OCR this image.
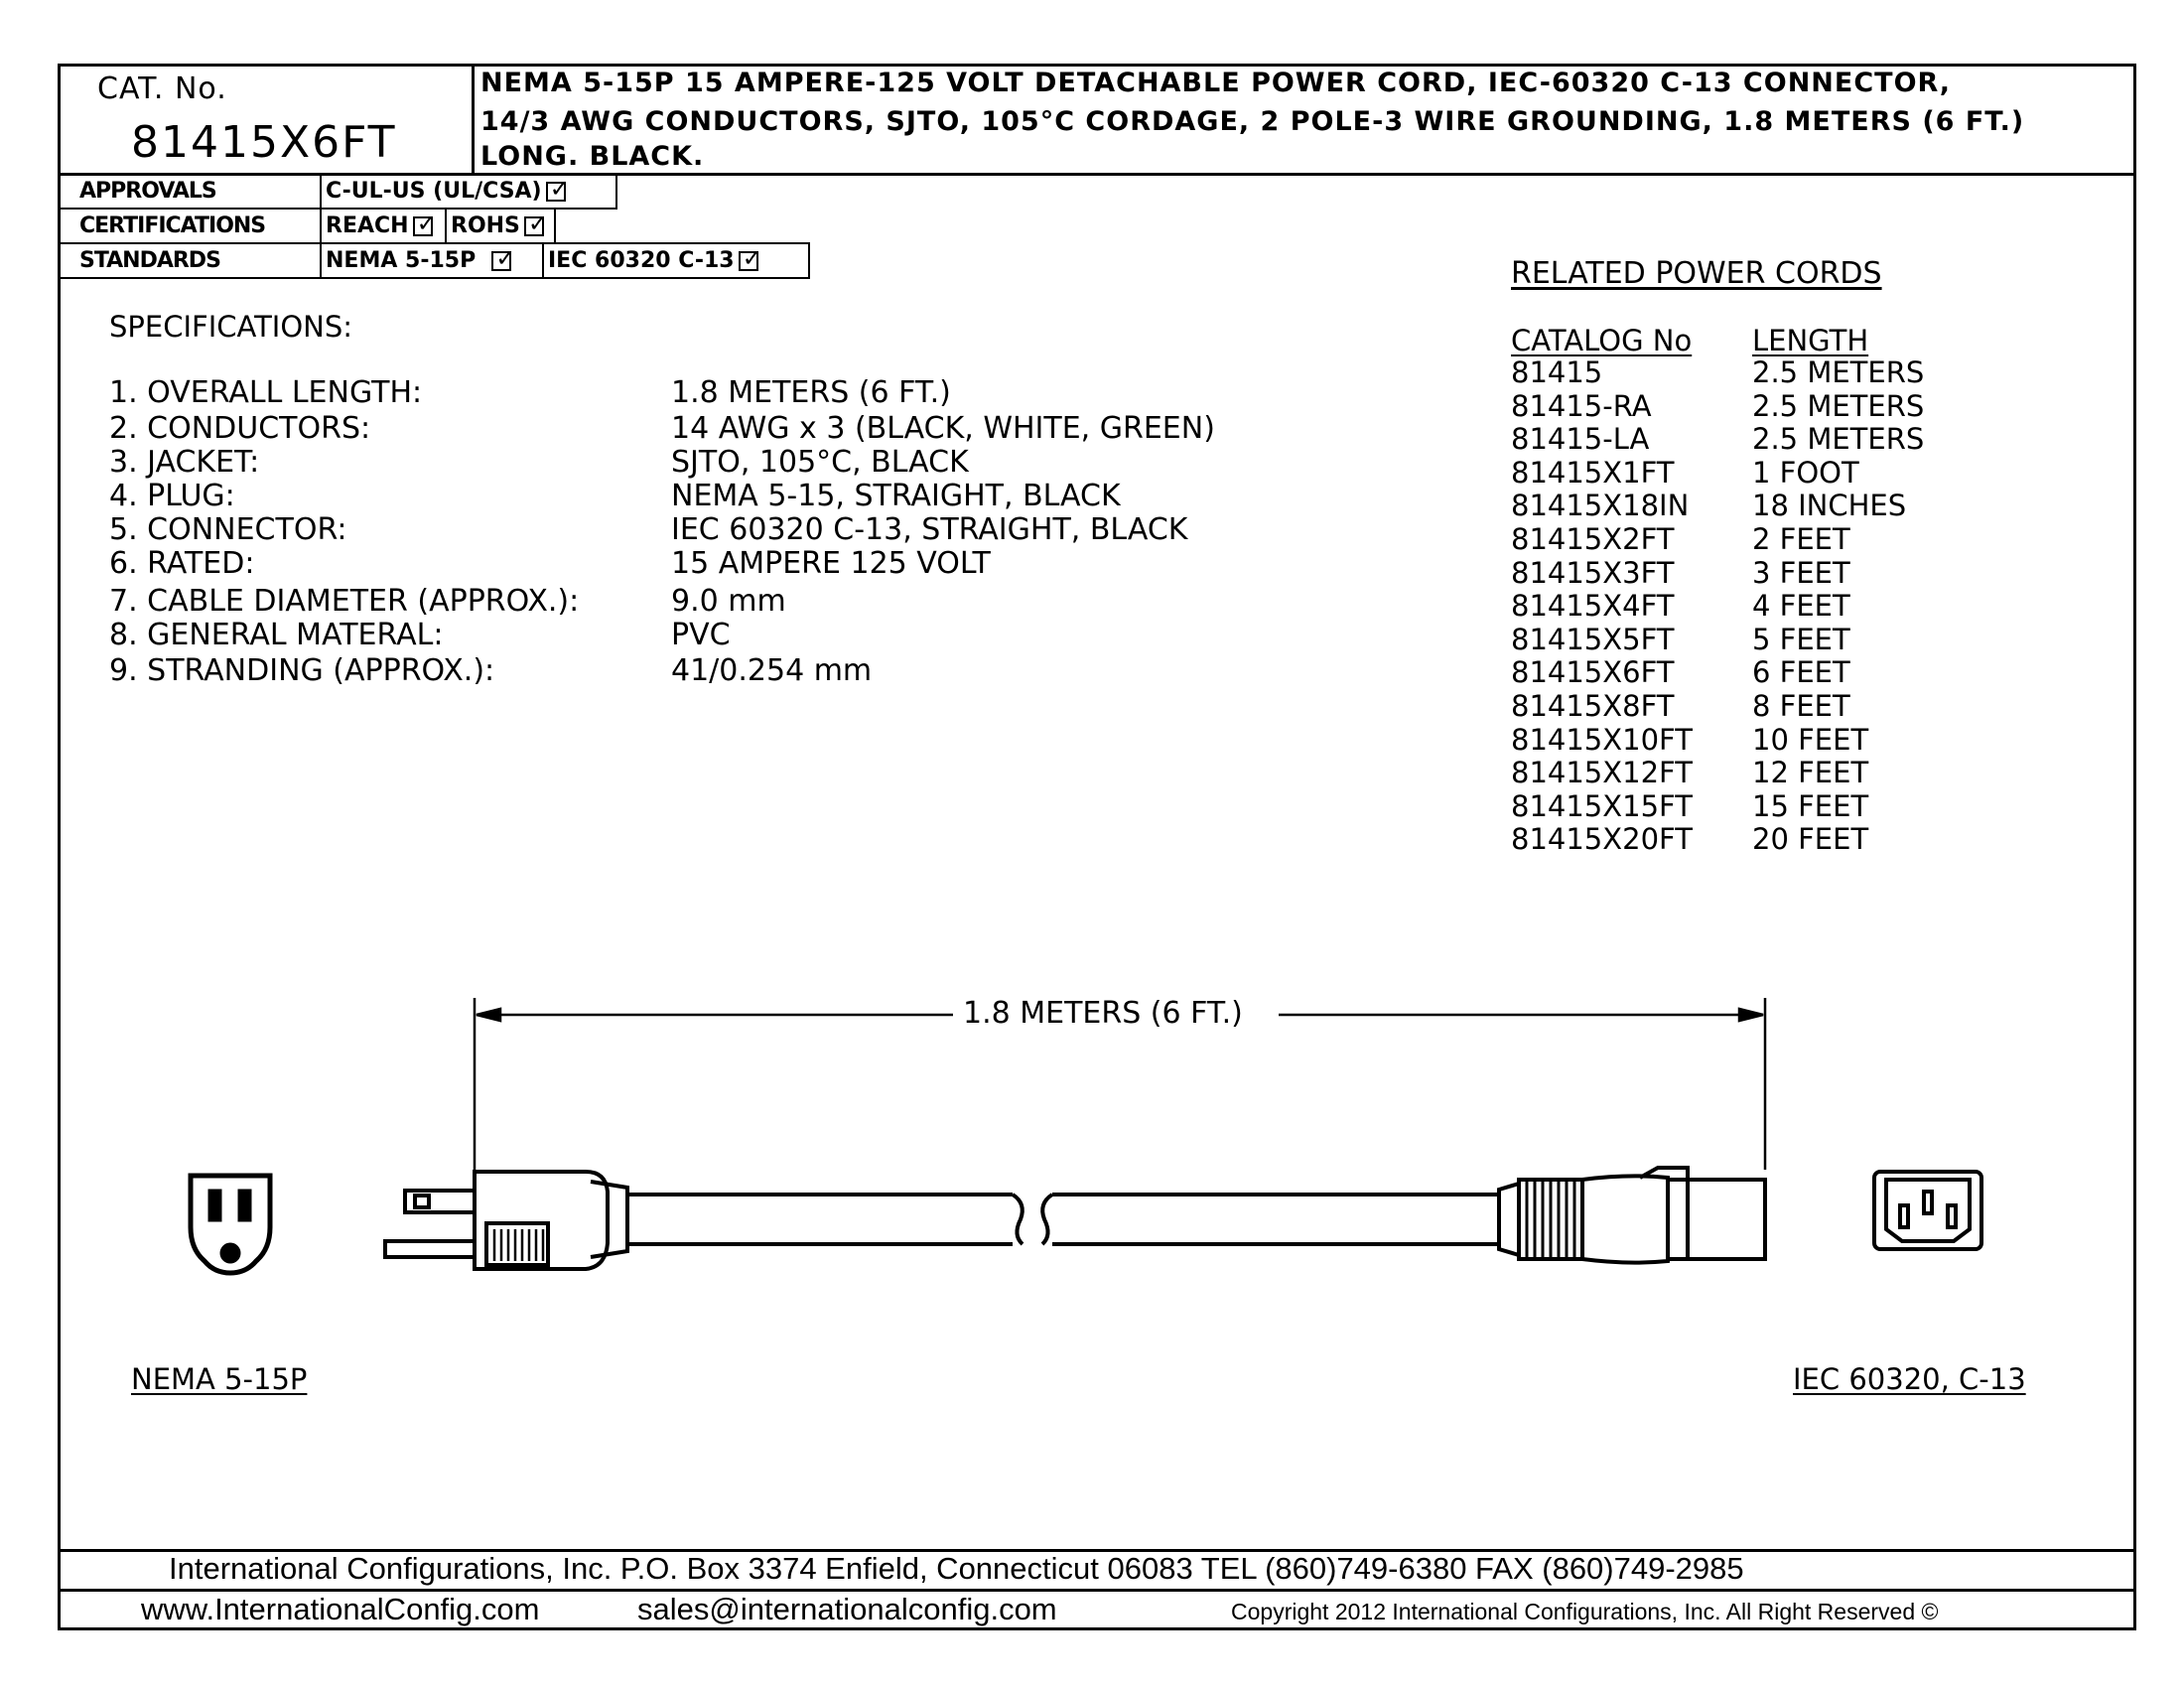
CAT. No.
81415X6FT
NEMA 5-15P 15 AMPERE-125 VOLT DETACHABLE POWER CORD, IEC-60320 C-13 CONNECTOR,
14/3 AWG CONDUCTORS, SJTO, 105°C CORDAGE, 2 POLE-3 WIRE GROUNDING, 1.8 METERS (6 FT.)
LONG. BLACK.
APPROVALS	C-UL-US (UL/CSA)✓
CERTIFICATIONS	REACH ✓	ROHS✓
STANDARDS	NEMA 5-15P ✓	IEC 60320 C-13✓
SPECIFICATIONS:
1. OVERALL LENGTH:	1.8 METERS (6 FT.)
2. CONDUCTORS:	14 AWG x 3 (BLACK, WHITE, GREEN)
3. JACKET:	SJTO, 105°C, BLACK
4. PLUG:	NEMA 5-15, STRAIGHT, BLACK
5. CONNECTOR:	IEC 60320 C-13, STRAIGHT, BLACK
6. RATED:	15 AMPERE 125 VOLT
7. CABLE DIAMETER (APPROX.):	9.0 mm
8. GENERAL MATERAL:	PVC
9. STRANDING (APPROX.):	41/0.254 mm
RELATED POWER CORDS
CATALOG No LENGTH
81415	2.5 METERS
81415-RA	2.5 METERS
81415-LA	2.5 METERS
81415X1FT	1 FOOT
81415X18IN 18 INCHES
81415X2FT	2 FEET
81415X3FT	3 FEET
81415X4FT	4 FEET
81415X5FT	5 FEET
81415X6FT	6 FEET
81415X8FT	8 FEET
81415X10FT 10 FEET
81415X12FT 12 FEET
81415X15FT 15 FEET
81415X20FT 20 FEET
1.8 METERS (6 FT.)
NEMA 5-15P	IEC 60320, C-13
International Configurations, Inc. P.O. Box 3374 Enfield, Connecticut 06083 TEL (860)749-6380 FAX (860)749-2985
www.InternationalConfig.com	sales@internationalconfig.com	Copyright 2012 International Configurations, Inc. All Right Reserved ©
